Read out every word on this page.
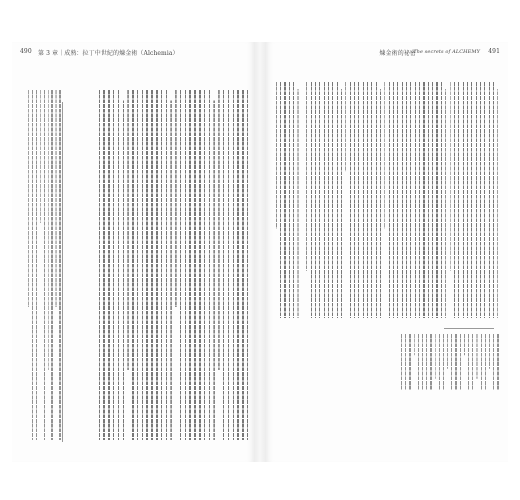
490 第 3 章｜成熟：拉丁中世紀的煉金術（Alchemia）	煉金術的祕密
The secrets of ALCHEMY 491
